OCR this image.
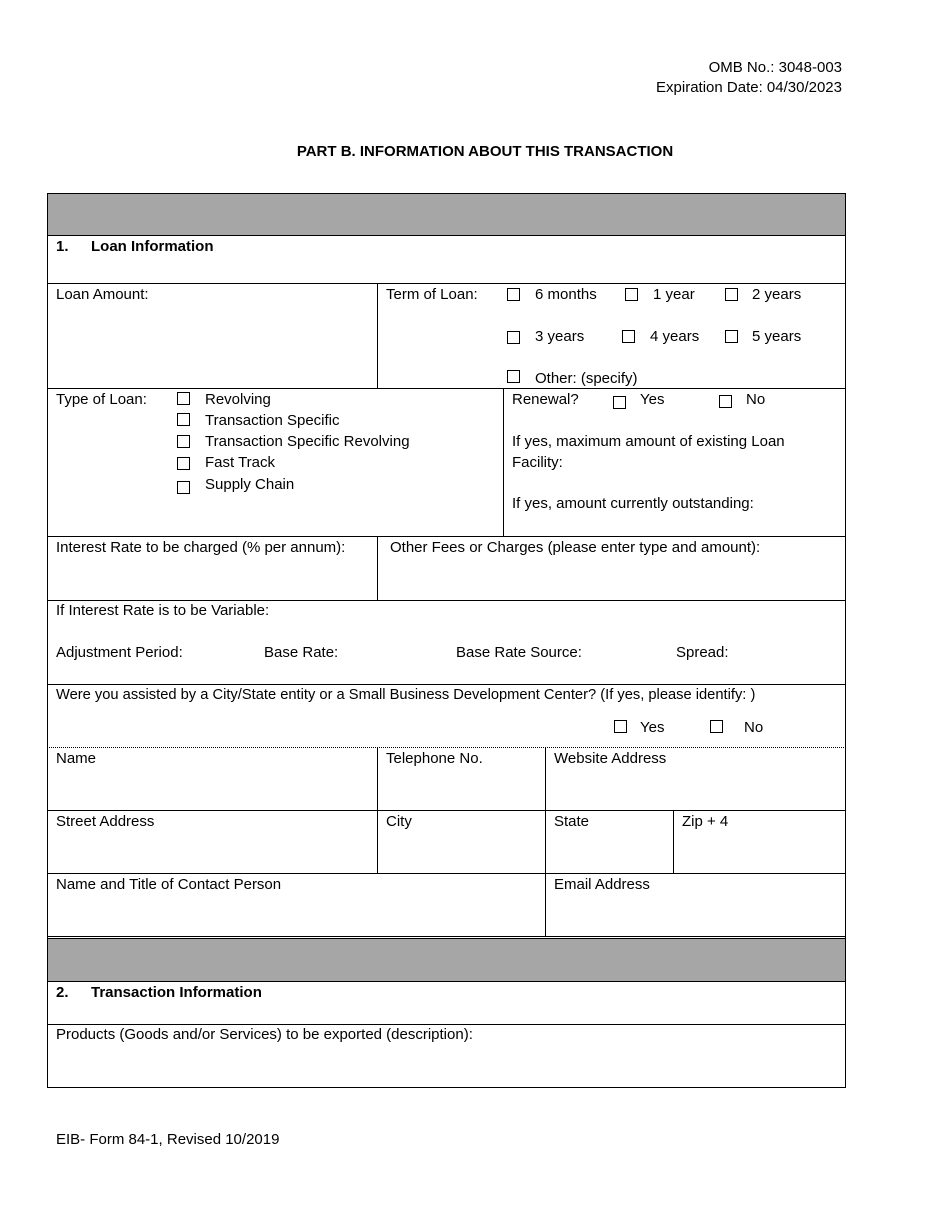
OMB No.: 3048-003
Expiration Date: 04/30/2023
PART B. INFORMATION ABOUT THIS TRANSACTION
1. Loan Information
Loan Amount:	Term of Loan:	6 months	1 year	2 years
3 years	4 years	5 years
Other: (specify)
Type of Loan:	Revolving
Transaction Specific
Transaction Specific Revolving
Fast Track
Supply Chain
Renewal?	Yes	No
If yes, maximum amount of existing Loan
Facility:
If yes, amount currently outstanding:
Interest Rate to be charged (% per annum):	Other Fees or Charges (please enter type and amount):
If Interest Rate is to be Variable:
Adjustment Period:	Base Rate:	Base Rate Source:	Spread:
Were you assisted by a City/State entity or a Small Business Development Center? (If yes, please identify: )
Yes	No
Name	Telephone No.	Website Address
Street Address	City	State	Zip + 4
Name and Title of Contact Person	Email Address
2. Transaction Information
Products (Goods and/or Services) to be exported (description):
EIB- Form 84-1, Revised 10/2019
